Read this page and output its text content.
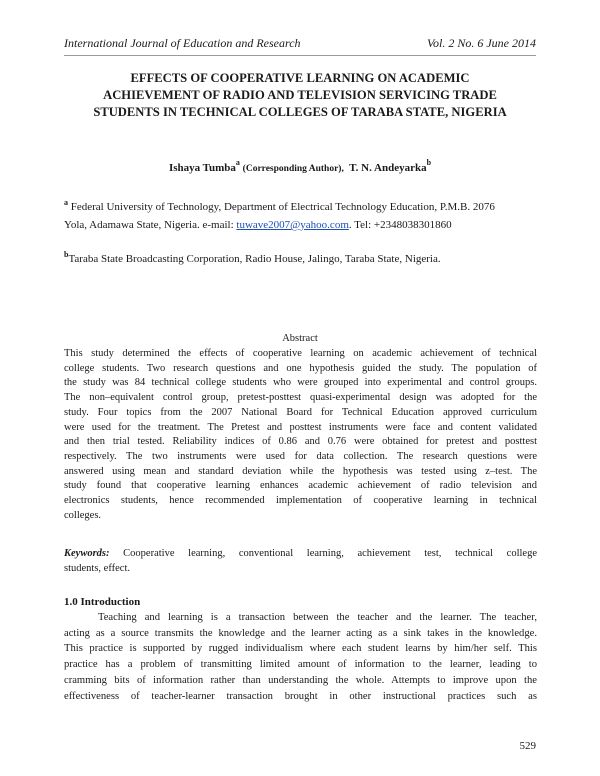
International Journal of Education and Research	Vol. 2 No. 6 June 2014
EFFECTS OF COOPERATIVE LEARNING ON ACADEMIC
ACHIEVEMENT OF RADIO AND TELEVISION SERVICING TRADE
STUDENTS IN TECHNICAL COLLEGES OF TARABA STATE, NIGERIA
Ishaya Tumba$^a$ (Corresponding Author), T. N. Andeyarka$^b$

$^a$ Federal University of Technology, Department of Electrical Technology Education, P.M.B. 2076

Yola, Adamawa State, Nigeria. e-mail: tuwave2007@yahoo.com. Tel: +2348038301860

$^b$Taraba State Broadcasting Corporation, Radio House, Jalingo, Taraba State, Nigeria.

Abstract
This study determined the effects of cooperative learning on academic achievement of technical
college students. Two research questions and one hypothesis guided the study. The population of
the study was 84 technical college students who were grouped into experimental and control groups.
The non–equivalent control group, pretest-posttest quasi-experimental design was adopted for the
study. Four topics from the 2007 National Board for Technical Education approved curriculum
were used for the treatment. The Pretest and posttest instruments were face and content validated
and then trial tested. Reliability indices of 0.86 and 0.76 were obtained for pretest and posttest
respectively. The two instruments were used for data collection. The research questions were
answered using mean and standard deviation while the hypothesis was tested using z–test. The
study found that cooperative learning enhances academic achievement of radio television and
electronics students, hence recommended implementation of cooperative learning in technical
colleges.
Keywords: Cooperative learning, conventional learning, achievement test, technical college
students, effect.
1.0 Introduction
Teaching and learning is a transaction between the teacher and the learner. The teacher,
acting as a source transmits the knowledge and the learner acting as a sink takes in the knowledge.
This practice is supported by rugged individualism where each student learns by him/her self. This
practice has a problem of transmitting limited amount of information to the learner, leading to
cramming bits of information rather than understanding the whole. Attempts to improve upon the
effectiveness of teacher-learner transaction brought in other instructional practices such as
529
